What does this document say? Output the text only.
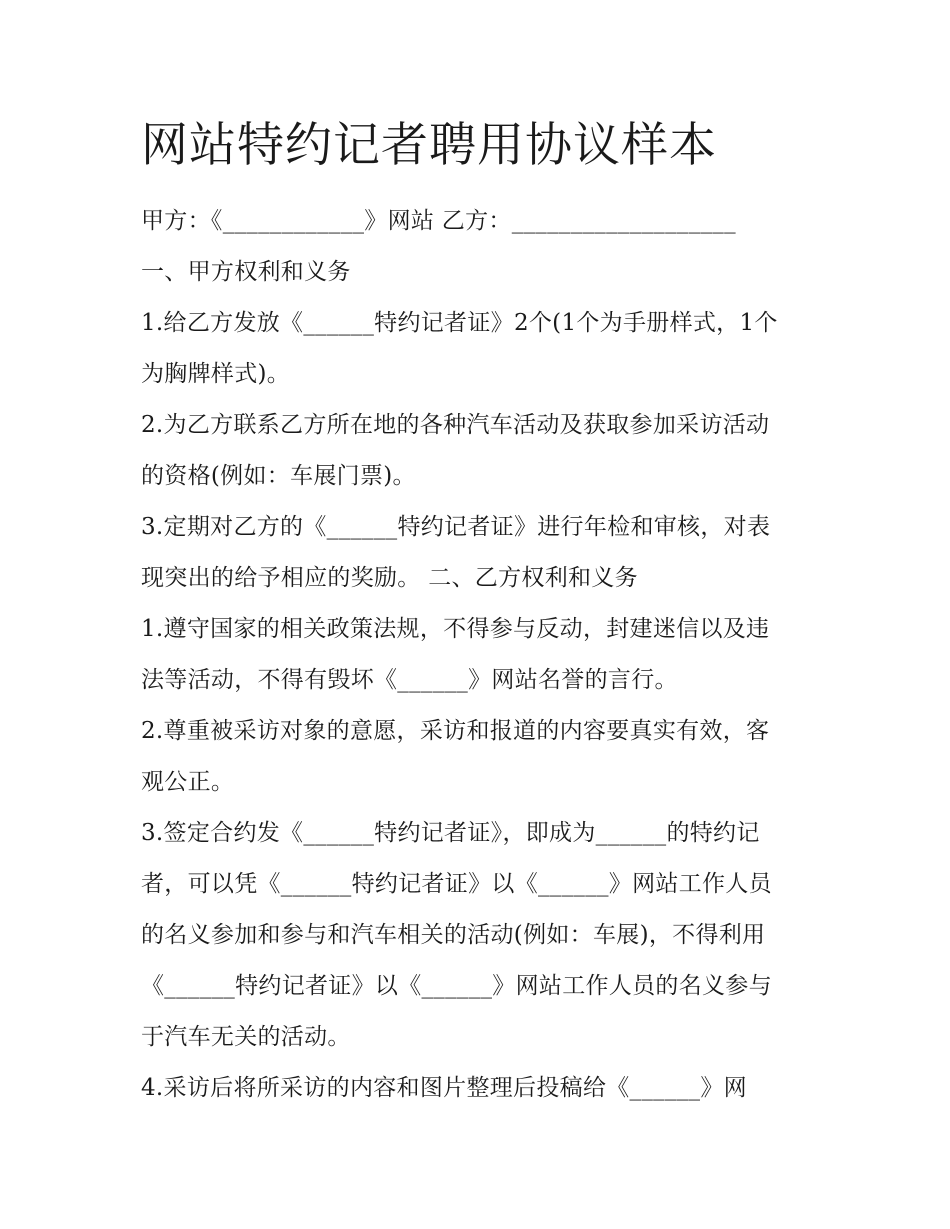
网站特约记者聘用协议样本
甲方：《____________》网站 乙方：___________________
一、甲方权利和义务
1.给乙方发放《______特约记者证》2个(1个为手册样式，1个
为胸牌样式)。
2.为乙方联系乙方所在地的各种汽车活动及获取参加采访活动
的资格(例如：车展门票)。
3.定期对乙方的《______特约记者证》进行年检和审核，对表
现突出的给予相应的奖励。 二、乙方权利和义务
1.遵守国家的相关政策法规，不得参与反动，封建迷信以及违
法等活动，不得有毁坏《______》网站名誉的言行。
2.尊重被采访对象的意愿，采访和报道的内容要真实有效，客
观公正。
3.签定合约发《______特约记者证》，即成为______的特约记
者，可以凭《______特约记者证》以《______》网站工作人员
的名义参加和参与和汽车相关的活动(例如：车展)，不得利用
《______特约记者证》以《______》网站工作人员的名义参与
于汽车无关的活动。
4.采访后将所采访的内容和图片整理后投稿给《______》网
